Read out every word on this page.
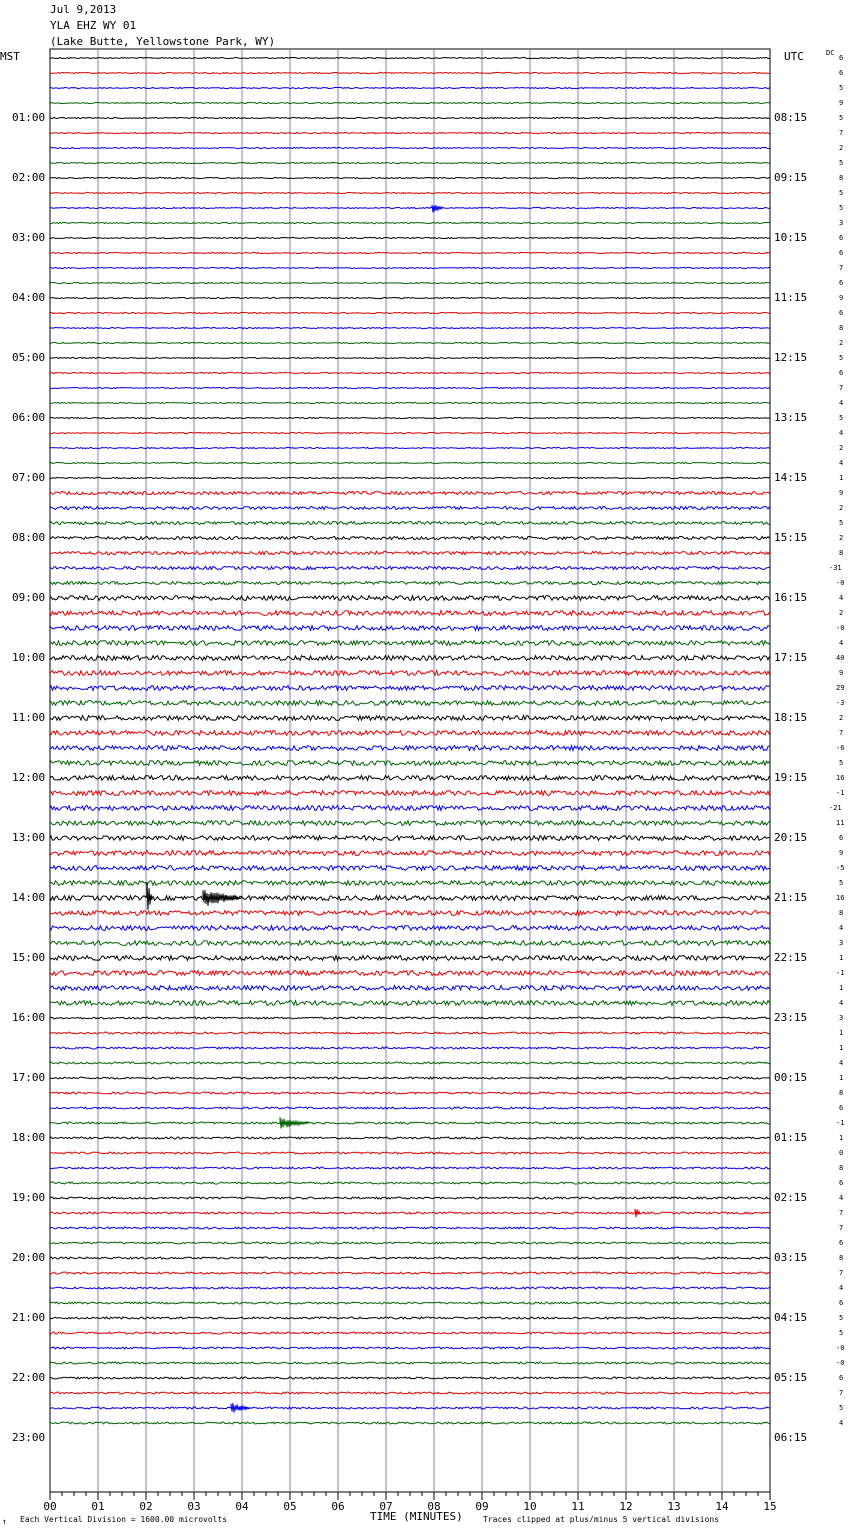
Jul 9,2013
YLA EHZ WY 01
(Lake Butte, Yellowstone Park, WY)
MST	UTC	DC
01:00
02:00
03:00
04:00
05:00
06:00
07:00
08:00
09:00
10:00
11:00
12:00
13:00
14:00
15:00
16:00
17:00
18:00
19:00
20:00
21:00
22:00
23:00
08:15
09:15
10:15
11:15
12:15
13:15
14:15
15:15
16:15
17:15
18:15
19:15
20:15
21:15
22:15
23:15
00:15
01:15
02:15
03:15
04:15
05:15
06:15
6
6
5
9
5
7
2
5
8
5
5
3
6
6
7
6
9
6
8
2
5
6
7
4
5
4
2
4
1
9
2
5
2
8
-31
-0
4
2
-0
4
40
9
29
-3
2
7
-6
5
16
-1
-21
11
6
9
-5
5
16
8
4
3
1
-1
1
4
3
1
1
4
1
8
6
-1
1
0
8
6
4
7
7
6
8
7
4
6
5
5
-0
-0
6
7
5
4
00	01	02	03	04	05	06	07	08	09	10	11	12	13	14	15
TIME (MINUTES)
↑ Each Vertical Division = 1600.00 microvolts	Traces clipped at plus/minus 5 vertical divisions
